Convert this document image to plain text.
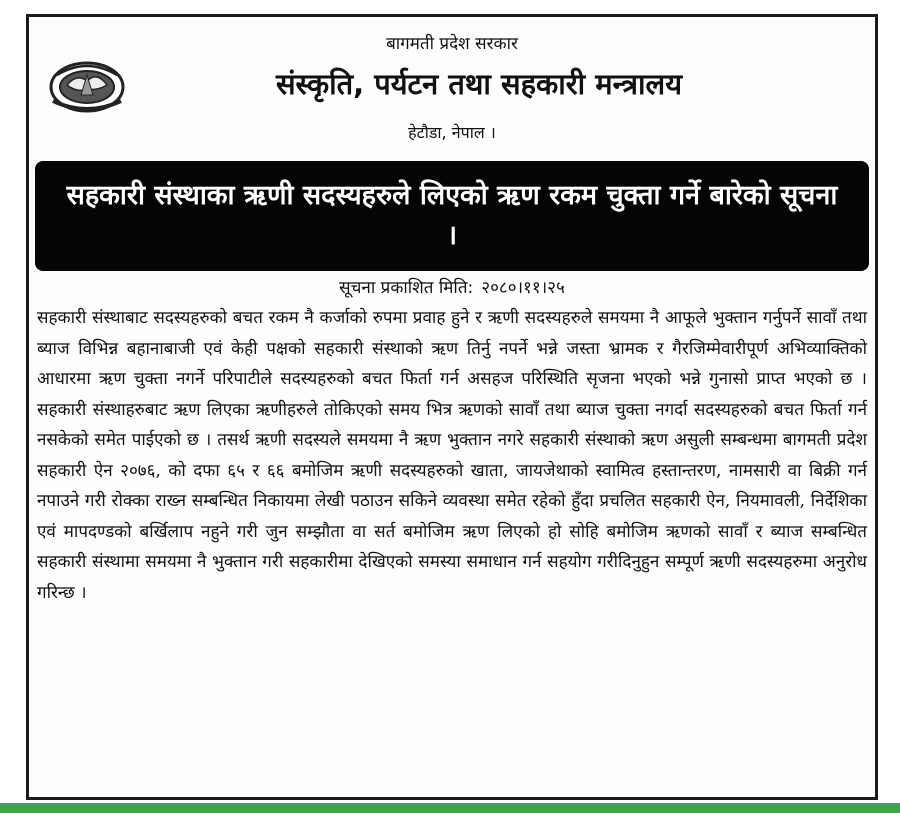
बागमती प्रदेश सरकार
संस्कृति, पर्यटन तथा सहकारी मन्त्रालय
हेटौडा, नेपाल ।
सहकारी संस्थाका ऋणी सदस्यहरुले लिएको ऋण रकम चुक्ता गर्ने बारेको सूचना ।
सूचना प्रकाशित मिति: २०८०।११।२५
सहकारी संस्थाबाट सदस्यहरुको बचत रकम नै कर्जाको रुपमा प्रवाह हुने र ऋणी सदस्यहरुले समयमा नै आफूले भुक्तान गर्नुपर्ने सावाँ तथा ब्याज विभिन्न बहानाबाजी एवं केही पक्षको सहकारी संस्थाको ऋण तिर्नु नपर्ने भन्ने जस्ता भ्रामक र गैरजिम्मेवारीपूर्ण अभिव्याक्तिको आधारमा ऋण चुक्ता नगर्ने परिपाटीले सदस्यहरुको बचत फिर्ता गर्न असहज परिस्थिति सृजना भएको भन्ने गुनासो प्राप्त भएको छ । सहकारी संस्थाहरुबाट ऋण लिएका ऋणीहरुले तोकिएको समय भित्र ऋणको सावाँ तथा ब्याज चुक्ता नगर्दा सदस्यहरुको बचत फिर्ता गर्न नसकेको समेत पाईएको छ । तसर्थ ऋणी सदस्यले समयमा नै ऋण भुक्तान नगरे सहकारी संस्थाको ऋण असुली सम्बन्धमा बागमती प्रदेश सहकारी ऐन २०७६, को दफा ६५ र ६६ बमोजिम ऋणी सदस्यहरुको खाता, जायजेथाको स्वामित्व हस्तान्तरण, नामसारी वा बिक्री गर्न नपाउने गरी रोक्का राख्न सम्बन्धित निकायमा लेखी पठाउन सकिने व्यवस्था समेत रहेको हुँदा प्रचलित सहकारी ऐन, नियमावली, निर्देशिका एवं मापदण्डको बर्खिलाप नहुने गरी जुन सम्झौता वा सर्त बमोजिम ऋण लिएको हो सोहि बमोजिम ऋणको सावाँ र ब्याज सम्बन्धित सहकारी संस्थामा समयमा नै भुक्तान गरी सहकारीमा देखिएको समस्या समाधान गर्न सहयोग गरीदिनुहुन सम्पूर्ण ऋणी सदस्यहरुमा अनुरोध गरिन्छ ।
